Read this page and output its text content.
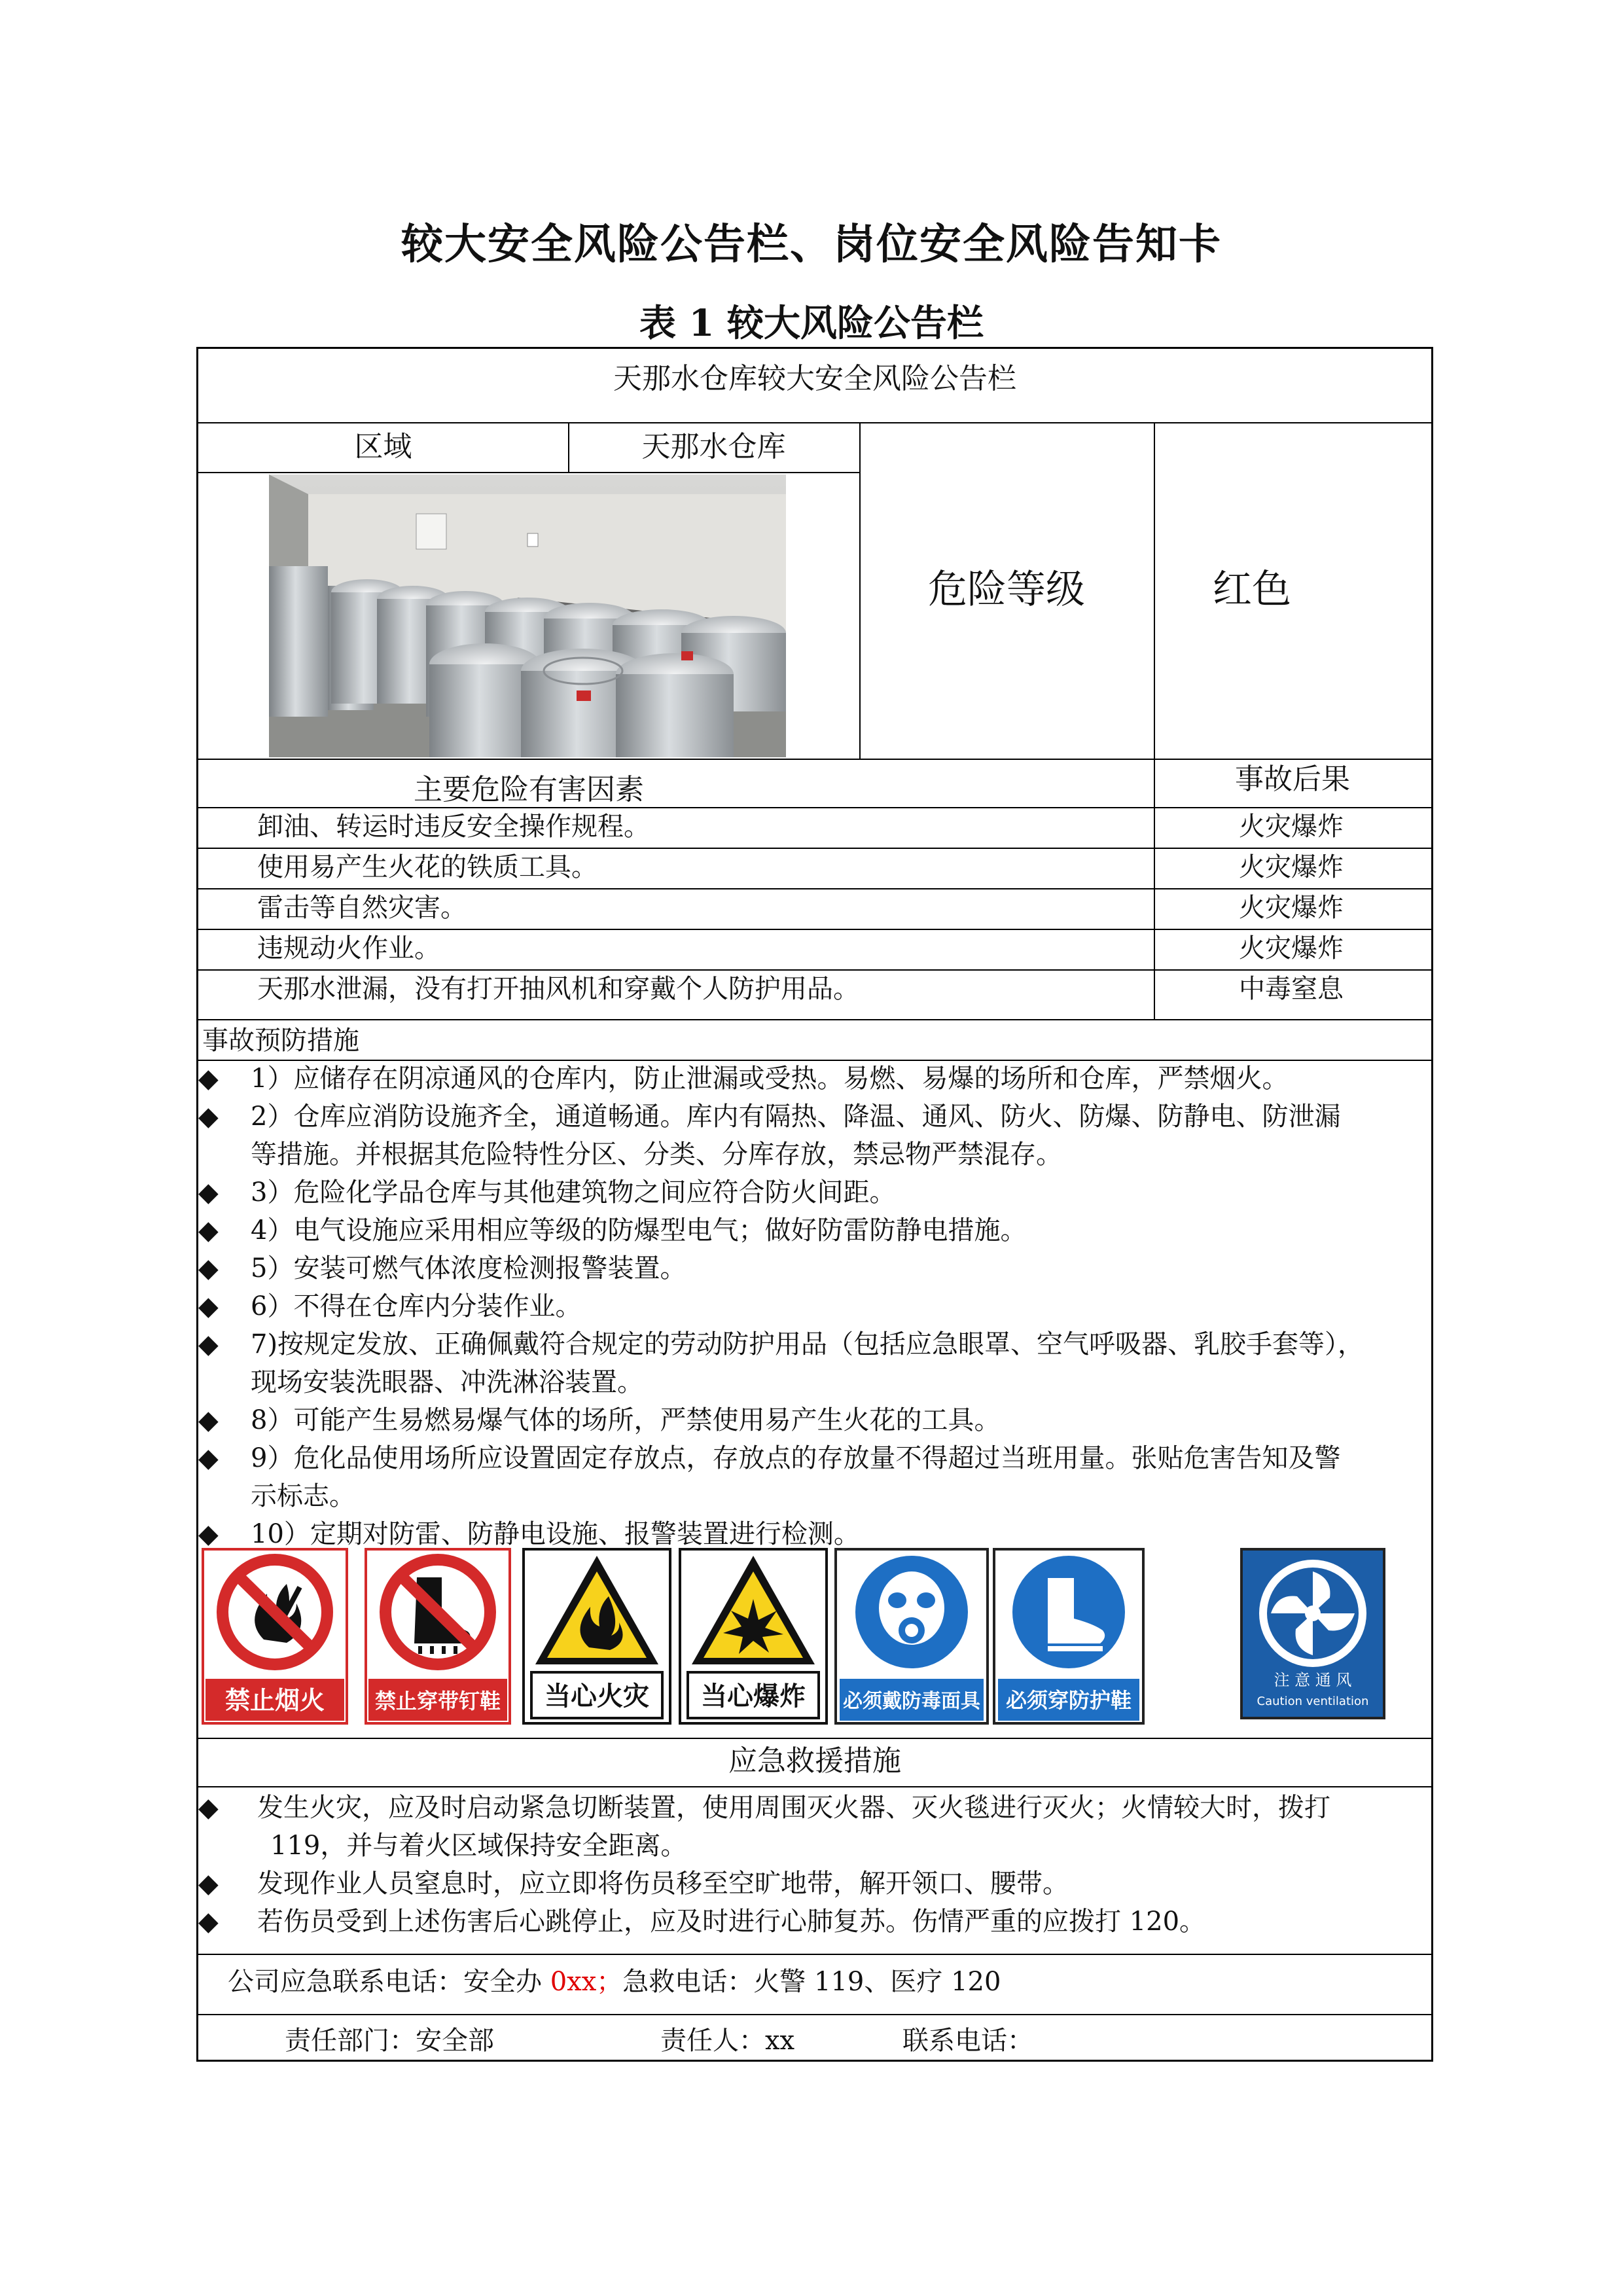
较大安全风险公告栏、岗位安全风险告知卡
表 1 较大风险公告栏
天那水仓库较大安全风险公告栏
区域	天那水仓库
危险等级	红色
主要危险有害因素	事故后果
卸油、转运时违反安全操作规程。	火灾爆炸
使用易产生火花的铁质工具。	火灾爆炸
雷击等自然灾害。	火灾爆炸
违规动火作业。	火灾爆炸
天那水泄漏，没有打开抽风机和穿戴个人防护用品。	中毒窒息
事故预防措施
◆	1）应储存在阴凉通风的仓库内，防止泄漏或受热。易燃、易爆的场所和仓库，严禁烟火。
◆	2）仓库应消防设施齐全，通道畅通。库内有隔热、降温、通风、防火、防爆、防静电、防泄漏
等措施。并根据其危险特性分区、分类、分库存放，禁忌物严禁混存。
◆	3）危险化学品仓库与其他建筑物之间应符合防火间距。
◆	4）电气设施应采用相应等级的防爆型电气；做好防雷防静电措施。
◆	5）安装可燃气体浓度检测报警装置。
◆	6）不得在仓库内分装作业。
◆	7)按规定发放、正确佩戴符合规定的劳动防护用品（包括应急眼罩、空气呼吸器、乳胶手套等），
现场安装洗眼器、冲洗淋浴装置。
◆	8）可能产生易燃易爆气体的场所，严禁使用易产生火花的工具。
◆	9）危化品使用场所应设置固定存放点，存放点的存放量不得超过当班用量。张贴危害告知及警
示标志。
◆	10）定期对防雷、防静电设施、报警装置进行检测。
禁止烟火 禁止穿带钉鞋 当心火灾 当心爆炸 必须戴防毒面具 必须穿防护鞋
注 意 通 风
Caution ventilation
应急救援措施
◆	发生火灾，应及时启动紧急切断装置，使用周围灭火器、灭火毯进行灭火；火情较大时，拨打
119，并与着火区域保持安全距离。
◆	发现作业人员窒息时，应立即将伤员移至空旷地带，解开领口、腰带。
◆	若伤员受到上述伤害后心跳停止，应及时进行心肺复苏。伤情严重的应拨打 120。
公司应急联系电话：安全办 0xx；急救电话：火警 119、医疗 120
责任部门：安全部	责任人：xx	联系电话：
